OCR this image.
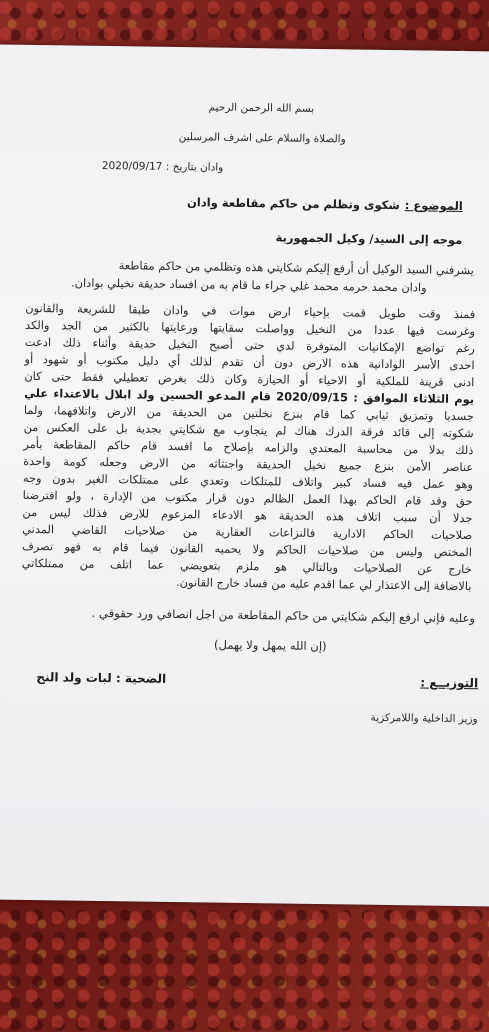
بسم الله الرحمن الرحيم
والصلاة والسلام على اشرف المرسلين
وادان بتاريخ : 2020/09/17
الموضوع : شكوى وتظلم من حاكم مقاطعة وادان
موجه إلى السيد/ وكيل الجمهورية
يشرفني السيد الوكيل أن أرفع إليكم شكايتي هذه وتظلمي من حاكم مقاطعة
وادان محمد حرمه محمد غلي جراء ما قام به من افساد حديقة نخيلي بوادان.
فمنذ وقت طويل قمت بإحياء ارض موات في وادان طبقا للشريعة والقانون
وغرست فيها عددا من النخيل وواصلت سقايتها ورعايتها بالكثير من الجد والكد
رغم تواضع الإمكانيات المتوفرة لدي حتى أصبح النخيل حديقة وأثناء ذلك ادعت
احدى الأسر الوادانية هذه الارض دون أن تقدم لذلك أي دليل مكتوب أو شهود أو
ادنى قرينة للملكية أو الاحياء أو الحيازة وكان ذلك بغرض تعطيلي فقط حتى كان
يوم الثلاثاء الموافق : 2020/09/15 قام المدعو الحسين ولد ابلال بالاعتداء علي
جسديا وتمزيق ثيابي كما قام بنزع نخلتين من الحديقة من الارض واتلافهما، ولما
شكوته إلى قائد فرقة الدرك هناك لم يتجاوب مع شكايتي بجدية بل على العكس من
ذلك بدلا من محاسبة المعتدي والزامه بإصلاح ما افسد قام حاكم المقاطعة بأمر
عناصر الأمن بنزع جميع نخيل الحديقة واجتثاثه من الارض وجعله كومة واحدة
وهو عمل فيه فساد كبير واتلاف للمتلكات وتعدي على ممتلكات الغير بدون وجه
حق وقد قام الحاكم بهذا العمل الظالم دون قرار مكتوب من الإدارة ، ولو افترضنا
جدلا أن سبب اتلاف هذه الحديقة هو الادعاء المزعوم للارض فذلك ليس من
صلاحيات الحاكم الادارية فالنزاعات العقارية من صلاحيات القاضي المدني
المختص وليس من صلاحيات الحاكم ولا يحميه القانون فيما قام به فهو تصرف
خارج عن الصلاحيات وبالتالي هو ملزم بتعويضي عما اتلف من ممتلكاتي
بالاضافة إلى الاعتذار لي عما اقدم عليه من فساد خارج القانون.
وعليه فإني ارفع إليكم شكايتي من حاكم المقاطعة من اجل انصافي ورد حقوقي .
(إن الله يمهل ولا يهمل)
التوزيــع :
الضحية : لبات ولد النح
وزير الداخلية واللامركزية
